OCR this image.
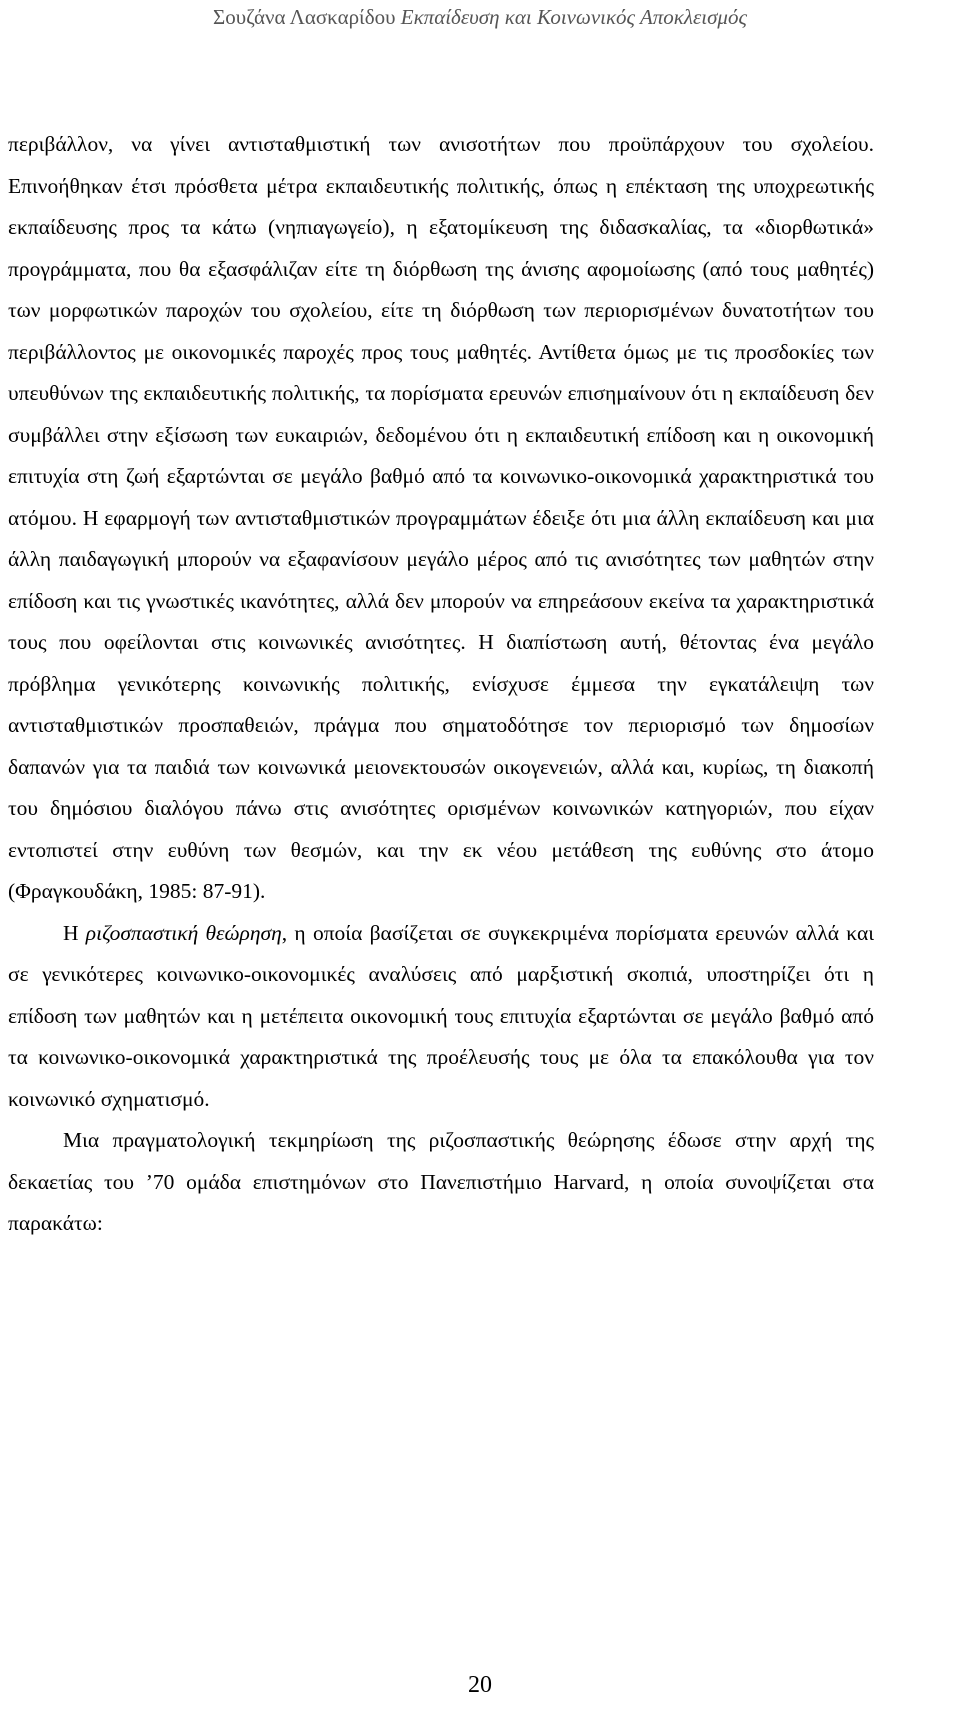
Σουζάνα Λασκαρίδου Εκπαίδευση και Κοινωνικός Αποκλεισμός

περιβάλλον, να γίνει αντισταθμιστική των ανισοτήτων που προϋπάρχουν του σχολείου. Επινοήθηκαν έτσι πρόσθετα μέτρα εκπαιδευτικής πολιτικής, όπως η επέκταση της υποχρεωτικής εκπαίδευσης προς τα κάτω (νηπιαγωγείο), η εξατομίκευση της διδασκαλίας, τα «διορθωτικά» προγράμματα, που θα εξασφάλιζαν είτε τη διόρθωση της άνισης αφομοίωσης (από τους μαθητές) των μορφωτικών παροχών του σχολείου, είτε τη διόρθωση των περιορισμένων δυνατοτήτων του περιβάλλοντος με οικονομικές παροχές προς τους μαθητές. Αντίθετα όμως με τις προσδοκίες των υπευθύνων της εκπαιδευτικής πολιτικής, τα πορίσματα ερευνών επισημαίνουν ότι η εκπαίδευση δεν συμβάλλει στην εξίσωση των ευκαιριών, δεδομένου ότι η εκπαιδευτική επίδοση και η οικονομική επιτυχία στη ζωή εξαρτώνται σε μεγάλο βαθμό από τα κοινωνικο-οικονομικά χαρακτηριστικά του ατόμου. Η εφαρμογή των αντισταθμιστικών προγραμμάτων έδειξε ότι μια άλλη εκπαίδευση και μια άλλη παιδαγωγική μπορούν να εξαφανίσουν μεγάλο μέρος από τις ανισότητες των μαθητών στην επίδοση και τις γνωστικές ικανότητες, αλλά δεν μπορούν να επηρεάσουν εκείνα τα χαρακτηριστικά τους που οφείλονται στις κοινωνικές ανισότητες. Η διαπίστωση αυτή, θέτοντας ένα μεγάλο πρόβλημα γενικότερης κοινωνικής πολιτικής, ενίσχυσε έμμεσα την εγκατάλειψη των αντισταθμιστικών προσπαθειών, πράγμα που σηματοδότησε τον περιορισμό των δημοσίων δαπανών για τα παιδιά των κοινωνικά μειονεκτουσών οικογενειών, αλλά και, κυρίως, τη διακοπή του δημόσιου διαλόγου πάνω στις ανισότητες ορισμένων κοινωνικών κατηγοριών, που είχαν εντοπιστεί στην ευθύνη των θεσμών, και την εκ νέου μετάθεση της ευθύνης στο άτομο (Φραγκουδάκη, 1985: 87-91).

Η ριζοσπαστική θεώρηση, η οποία βασίζεται σε συγκεκριμένα πορίσματα ερευνών αλλά και σε γενικότερες κοινωνικο-οικονομικές αναλύσεις από μαρξιστική σκοπιά, υποστηρίζει ότι η επίδοση των μαθητών και η μετέπειτα οικονομική τους επιτυχία εξαρτώνται σε μεγάλο βαθμό από τα κοινωνικο-οικονομικά χαρακτηριστικά της προέλευσής τους με όλα τα επακόλουθα για τον κοινωνικό σχηματισμό.

Μια πραγματολογική τεκμηρίωση της ριζοσπαστικής θεώρησης έδωσε στην αρχή της δεκαετίας του ’70 ομάδα επιστημόνων στο Πανεπιστήμιο Harvard, η οποία συνοψίζεται στα παρακάτω:

20
